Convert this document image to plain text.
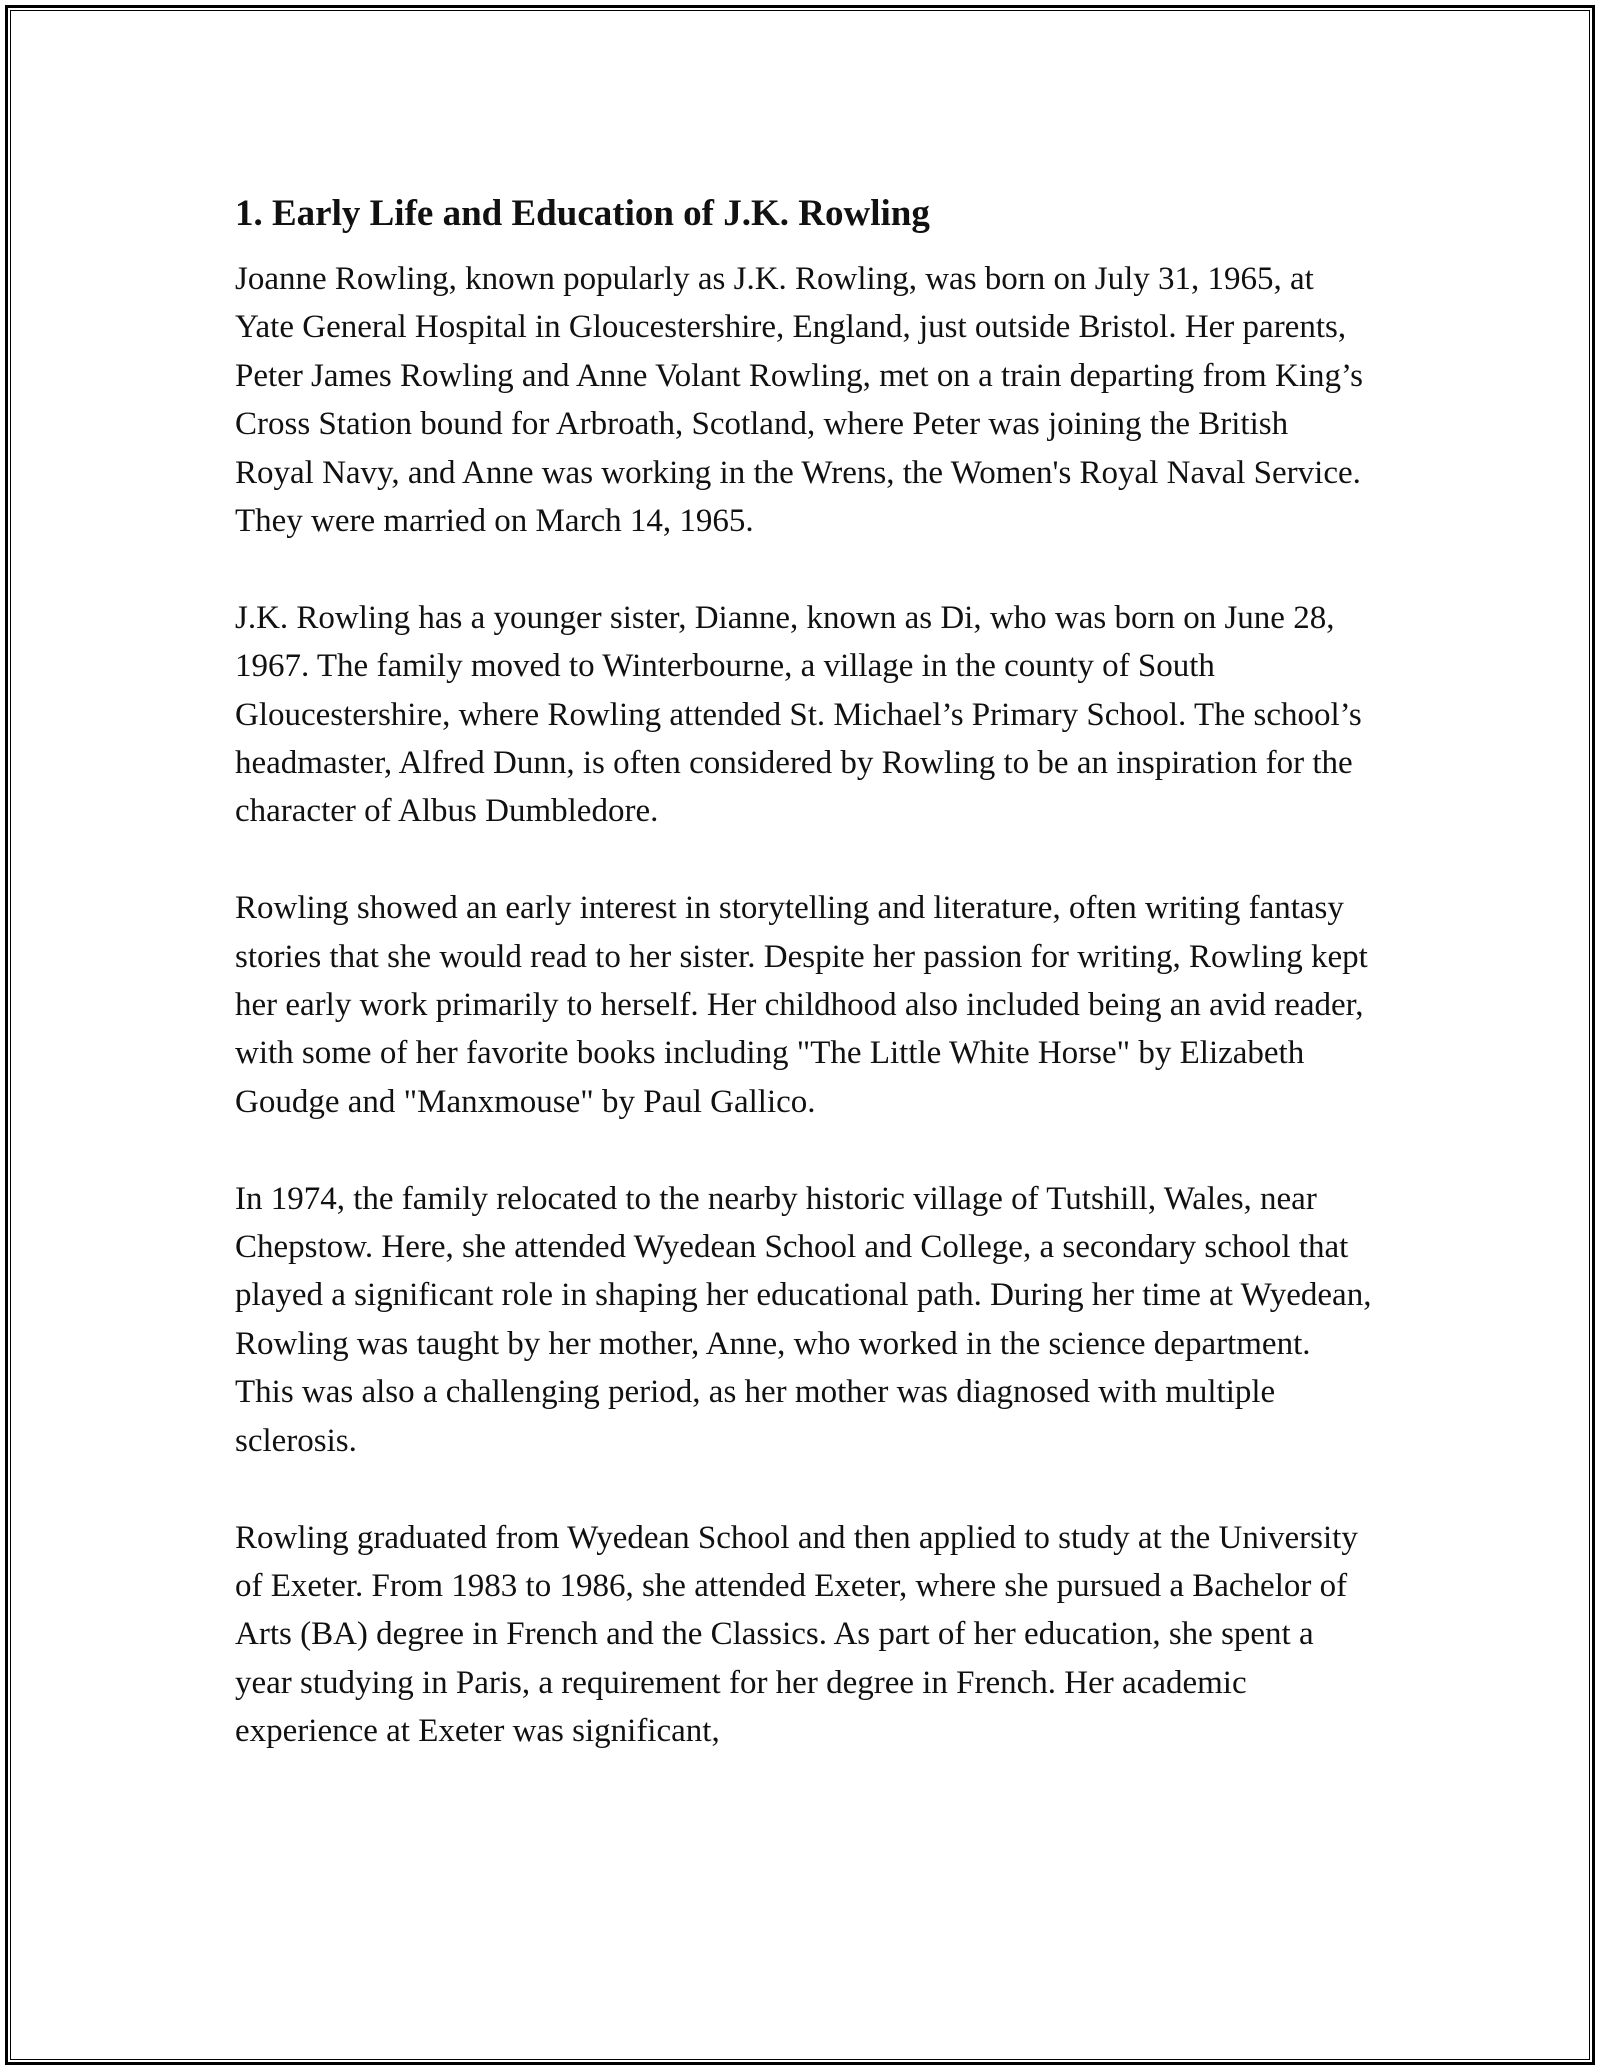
1. Early Life and Education of J.K. Rowling

Joanne Rowling, known popularly as J.K. Rowling, was born on July 31, 1965, at Yate General Hospital in Gloucestershire, England, just outside Bristol. Her parents, Peter James Rowling and Anne Volant Rowling, met on a train departing from King’s Cross Station bound for Arbroath, Scotland, where Peter was joining the British Royal Navy, and Anne was working in the Wrens, the Women's Royal Naval Service. They were married on March 14, 1965.

J.K. Rowling has a younger sister, Dianne, known as Di, who was born on June 28, 1967. The family moved to Winterbourne, a village in the county of South Gloucestershire, where Rowling attended St. Michael’s Primary School. The school’s headmaster, Alfred Dunn, is often considered by Rowling to be an inspiration for the character of Albus Dumbledore.

Rowling showed an early interest in storytelling and literature, often writing fantasy stories that she would read to her sister. Despite her passion for writing, Rowling kept her early work primarily to herself. Her childhood also included being an avid reader, with some of her favorite books including "The Little White Horse" by Elizabeth Goudge and "Manxmouse" by Paul Gallico.

In 1974, the family relocated to the nearby historic village of Tutshill, Wales, near Chepstow. Here, she attended Wyedean School and College, a secondary school that played a significant role in shaping her educational path. During her time at Wyedean, Rowling was taught by her mother, Anne, who worked in the science department. This was also a challenging period, as her mother was diagnosed with multiple sclerosis.

Rowling graduated from Wyedean School and then applied to study at the University of Exeter. From 1983 to 1986, she attended Exeter, where she pursued a Bachelor of Arts (BA) degree in French and the Classics. As part of her education, she spent a year studying in Paris, a requirement for her degree in French. Her academic experience at Exeter was significant,
